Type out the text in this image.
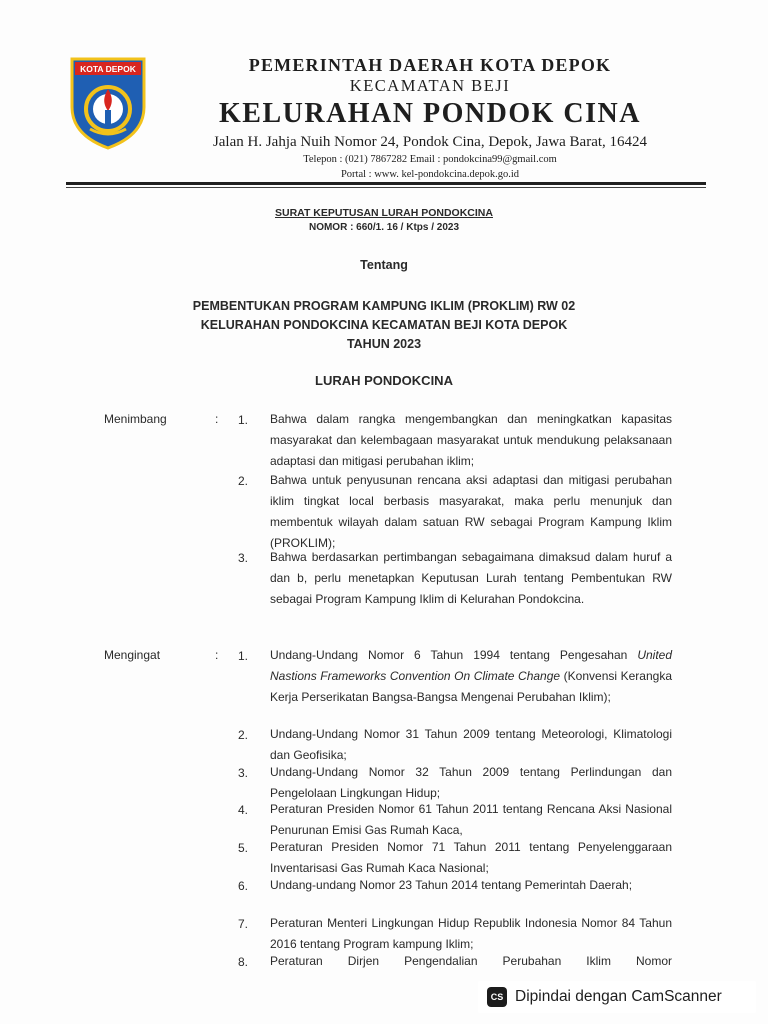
KOTA DEPOK	PEMERINTAH DAERAH KOTA DEPOK
KECAMATAN BEJI
KELURAHAN PONDOK CINA
Jalan H. Jahja Nuih Nomor 24, Pondok Cina, Depok, Jawa Barat, 16424
Telepon : (021) 7867282 Email : pondokcina99@gmail.com
Portal : www. kel-pondokcina.depok.go.id
SURAT KEPUTUSAN LURAH PONDOKCINA
NOMOR : 660/1. 16 / Ktps / 2023
Tentang
PEMBENTUKAN PROGRAM KAMPUNG IKLIM (PROKLIM) RW 02
KELURAHAN PONDOKCINA KECAMATAN BEJI KOTA DEPOK
TAHUN 2023
LURAH PONDOKCINA
Menimbang	: 1. Bahwa dalam rangka mengembangkan dan meningkatkan kapasitas masyarakat dan kelembagaan masyarakat untuk mendukung pelaksanaan adaptasi dan mitigasi perubahan iklim;
2. Bahwa untuk penyusunan rencana aksi adaptasi dan mitigasi perubahan iklim tingkat local berbasis masyarakat, maka perlu menunjuk dan membentuk wilayah dalam satuan RW sebagai Program Kampung Iklim (PROKLIM);
3. Bahwa berdasarkan pertimbangan sebagaimana dimaksud dalam huruf a dan b, perlu menetapkan Keputusan Lurah tentang Pembentukan RW sebagai Program Kampung Iklim di Kelurahan Pondokcina.
Mengingat	: 1. Undang-Undang Nomor 6 Tahun 1994 tentang Pengesahan United Nastions Frameworks Convention On Climate Change (Konvensi Kerangka Kerja Perserikatan Bangsa-Bangsa Mengenai Perubahan Iklim);
2. Undang-Undang Nomor 31 Tahun 2009 tentang Meteorologi, Klimatologi dan Geofisika;
3. Undang-Undang Nomor 32 Tahun 2009 tentang Perlindungan dan Pengelolaan Lingkungan Hidup;
4. Peraturan Presiden Nomor 61 Tahun 2011 tentang Rencana Aksi Nasional Penurunan Emisi Gas Rumah Kaca,
5. Peraturan Presiden Nomor 71 Tahun 2011 tentang Penyelenggaraan Inventarisasi Gas Rumah Kaca Nasional;
6. Undang-undang Nomor 23 Tahun 2014 tentang Pemerintah Daerah;
7. Peraturan Menteri Lingkungan Hidup Republik Indonesia Nomor 84 Tahun 2016 tentang Program kampung Iklim;
8. Peraturan Dirjen Pengendalian Perubahan Iklim Nomor
CS Dipindai dengan CamScanner
